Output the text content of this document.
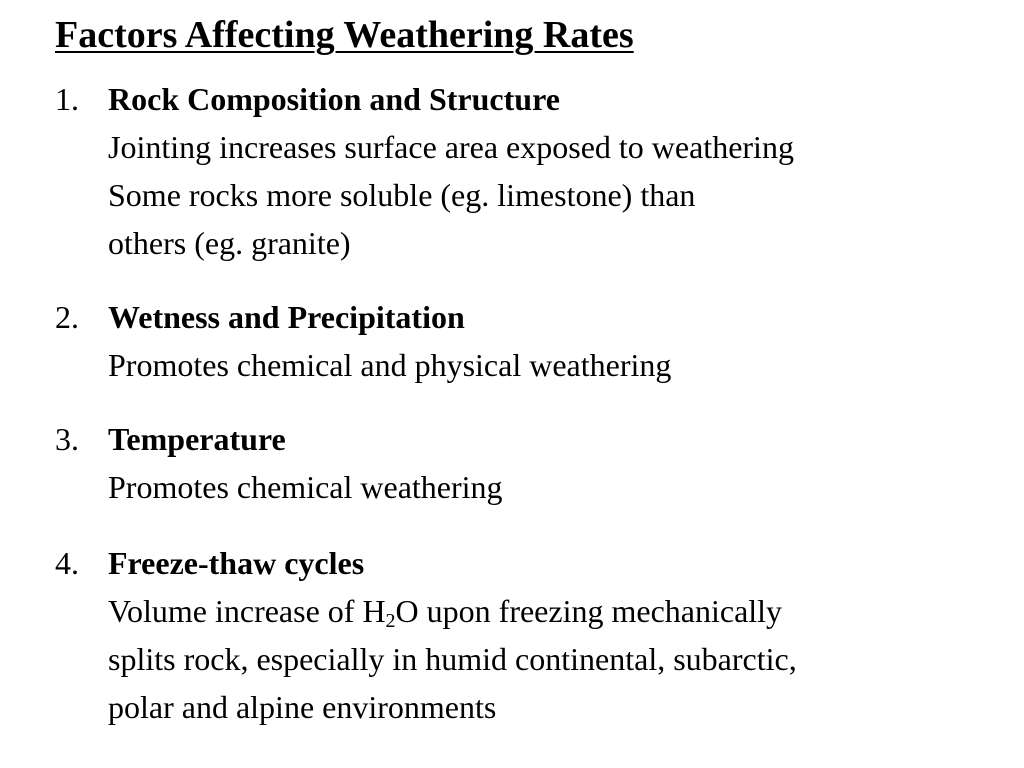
Factors Affecting Weathering Rates
1. Rock Composition and Structure
Jointing increases surface area exposed to weathering
Some rocks more soluble (eg. limestone) than
others (eg. granite)
2. Wetness and Precipitation
Promotes chemical and physical weathering
3. Temperature
Promotes chemical weathering
4. Freeze-thaw cycles
Volume increase of $H_2O$ upon freezing mechanically
splits rock, especially in humid continental, subarctic,
polar and alpine environments
